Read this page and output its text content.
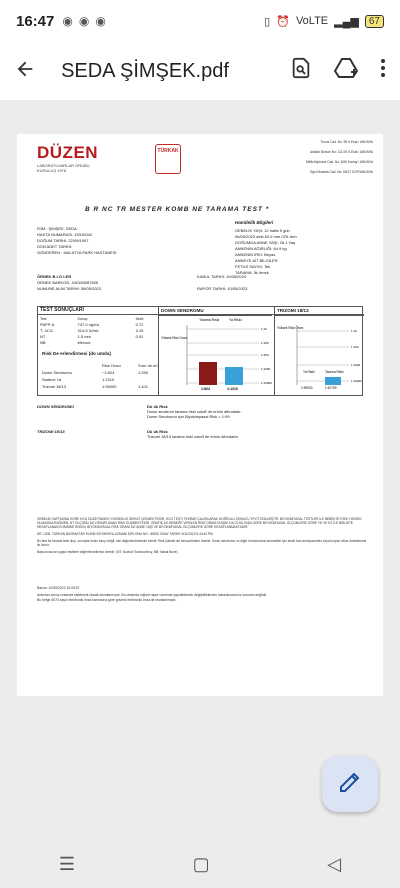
16:47 ◉ ◉ ◉	▯ ⏰ VoLTE ▂▄▆	67
SEDA ŞİMŞEK.pdf
DÜZEN
LABORATUVARLAR GRUBU
KURULUŞ 1978
TÜRKAK
Tunus Cad. No: 95 K.Esat / ANKARA
Atatürk Bulvarı No: 211/19 K.Esat / ANKARA
Millikütüphane Cad. No: 8/26 Kızılay / ANKARA
Oğul Mustafa Cad. No: 66/17 GOP/ANKARA
B R NC TR MESTER KOMB NE TARAMA TEST *
İSİM : ŞİMŞEK, SEDA
HASTA NUMARASI: 15310942
DOĞUM TARİHİ: 22/09/1997
SON ADET TARİHİ:
GÖNDEREN : MALATYA PARK HASTANESİ
Hamilelik Bilgileri
GEBELİK YAŞI: 12 hafta 5 gün
06/05/2023 deki 63.0 mm CRL'den
DOĞUMDA ANNE YAŞI: 26.1 Yaş
ANNENİN AĞIRLIĞI: 64.9 kg
ANNENİN IRKI: Beyaz
ANNEYE AİT BİLGİLER
FETUS SAYISI: Tek
TARAMA: İlk örnek
ÖRNEK B LG LER	KABUL TARİHİ: 10/05/2023
ÖRNEK BARKOD: 440180087606
NUMUNE ALIM TARİHİ: 06/05/2023	RAPOR TARİHİ: 10/05/2023
TEST SONUÇLARI
Test	Sonuç	MoM
PAPP-A	747.0 ng/mL	0.72
T- hCG	314.5 IU/mL	3.19
NT	1.5 mm	0.91
NB	Mevcut	
Risk De erlendirmesi (do umda)
Risk Oranı	Sınır de eri
Down Sendromu	~1:824	1:250
Sadece Ya	1:1310
Trizomi 18/13	1:99000	1:101
DOWN SENDROMU
Tarama Riski	Ya Riski
Yüksek Risk Oranı
1:10
1:100
1:250
1:1000
1:10000
1:824	1:1310
TRIZOMI 18/13
Yüksek Risk Oranı
1:10
1:100
1:1000
1:10000
Ya Riski	Tarama Riski
1:99000	1:10709
DOWN SENDROMU	Dü ük Risk
Down sendrom tarama riski cutoff de erinin altındadır.
Down Sendromu için Biyokimyasal Risk = 1:99
TRIZOMI 18/13	Dü ük Risk
Trisomi 18/13 tarama riski cutoff de erinin altındadır

GEBELİK HAFTASINA GÖRE HCG DÜZEYİNDEKİ YÜKSEKLİK DİKKAT ÇEKMEKTEDİR. HCG TESTİ TEKRAR ÇALIŞILARAK DOĞRULU SONUCU TEYİT EDİLMİŞTİR. BİYOKİMYASAL TESTLER İLE BEBEKTE RİSK YÜKSEK OLMASINA RAĞMEN, NT ÖLÇÜMÜ İLE HESAPLANAN RİSK DÜŞMEKTEDİR. GRAFİK İLE BEBEĞE VERİLEN RİSK ORANI DÜŞÜK DA OLSA YAŞA GÖRE BİYOKİMYASAL ÖLÇÜMLERE GÖRE YE VE NT İLE BİRLİKTE HESAPLANAN KOMBİNE RİSKİN, BİYOKİMYASAL RİSK ORANI İLE ANNE YAŞI VE BİYOKİMYASAL ÖLÇÜMLERE GÖRE HESAPLANMAKTADIR.

DR. UZM. TÜRKAN BAYRAKTAR KLİNİK BİYOKİMYA UZMANI DİPLOMA NO : 89520 ONAY TARİHİ: 5/11/2023 5:44:44 PM

Bu test bir tarama testi olup, sonuçlar kesin tanıyı değil, risk değerlendirmesini belirtir. Risk yüksek ise tanısal testler önerilir. Down sendromu ve diğer kromozomal anomaliler için kesin tanı amniyosentez veya koryon villus örneklemesi ile konur.

Başvurunuzun uygun testlerle değerlendirilmesi önerilir. (NT: Nuchal Translucency, NB: Nasal Bone)

Basım: 10/05/2023 16:05:57

Aranılan sonuç ortamda elektronik olarak imzalanmıştır. Bu ortamda orijinal rapor uzerinde yapılabilecek değişikliklerden laboratuvarımız sorumlu değildir.

Bu belge 5070 sayılı elektronik imza kanununa göre güvenli elektronik imza ile imzalanmıştır.

☰	▢	◁
